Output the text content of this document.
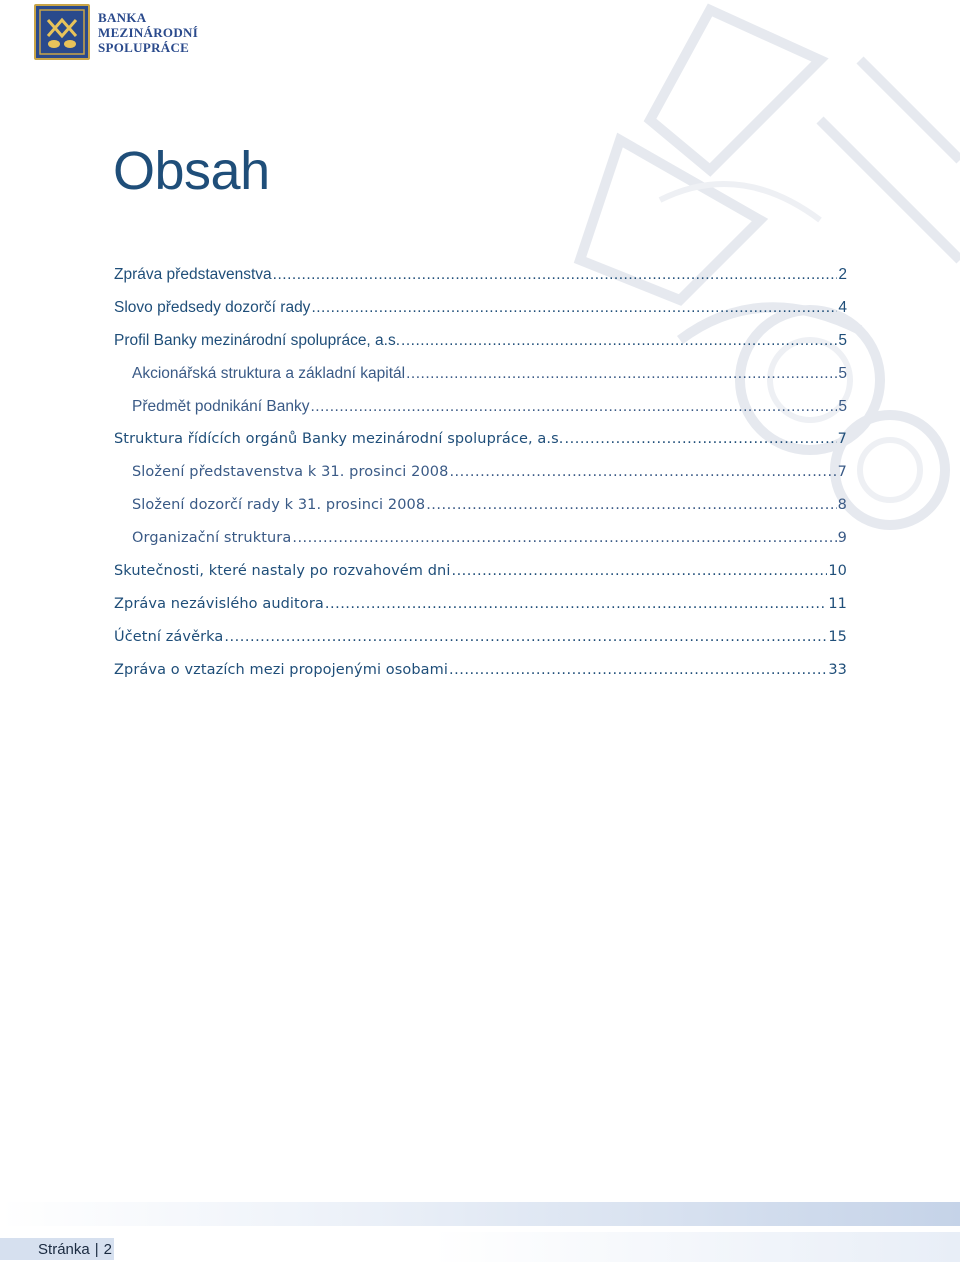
BANKA
MEZINÁRODNÍ
SPOLUPRÁCE
Obsah
Zpráva představenstva .....	2
Slovo předsedy dozorčí rady .....	4
Profil Banky mezinárodní spolupráce, a.s. .....	5
Akcionářská struktura a základní kapitál .....	5
Předmět podnikání Banky .....	5
Struktura řídících orgánů Banky mezinárodní spolupráce, a.s. .....	7
Složení představenstva k 31. prosinci 2008 .....	7
Složení dozorčí rady k 31. prosinci 2008 .....	8
Organizační struktura .....	9
Skutečnosti, které nastaly po rozvahovém dni .....	10
Zpráva nezávislého auditora .....	11
Účetní závěrka .....	15
Zpráva o vztazích mezi propojenými osobami .....	33
Stránka | 2
